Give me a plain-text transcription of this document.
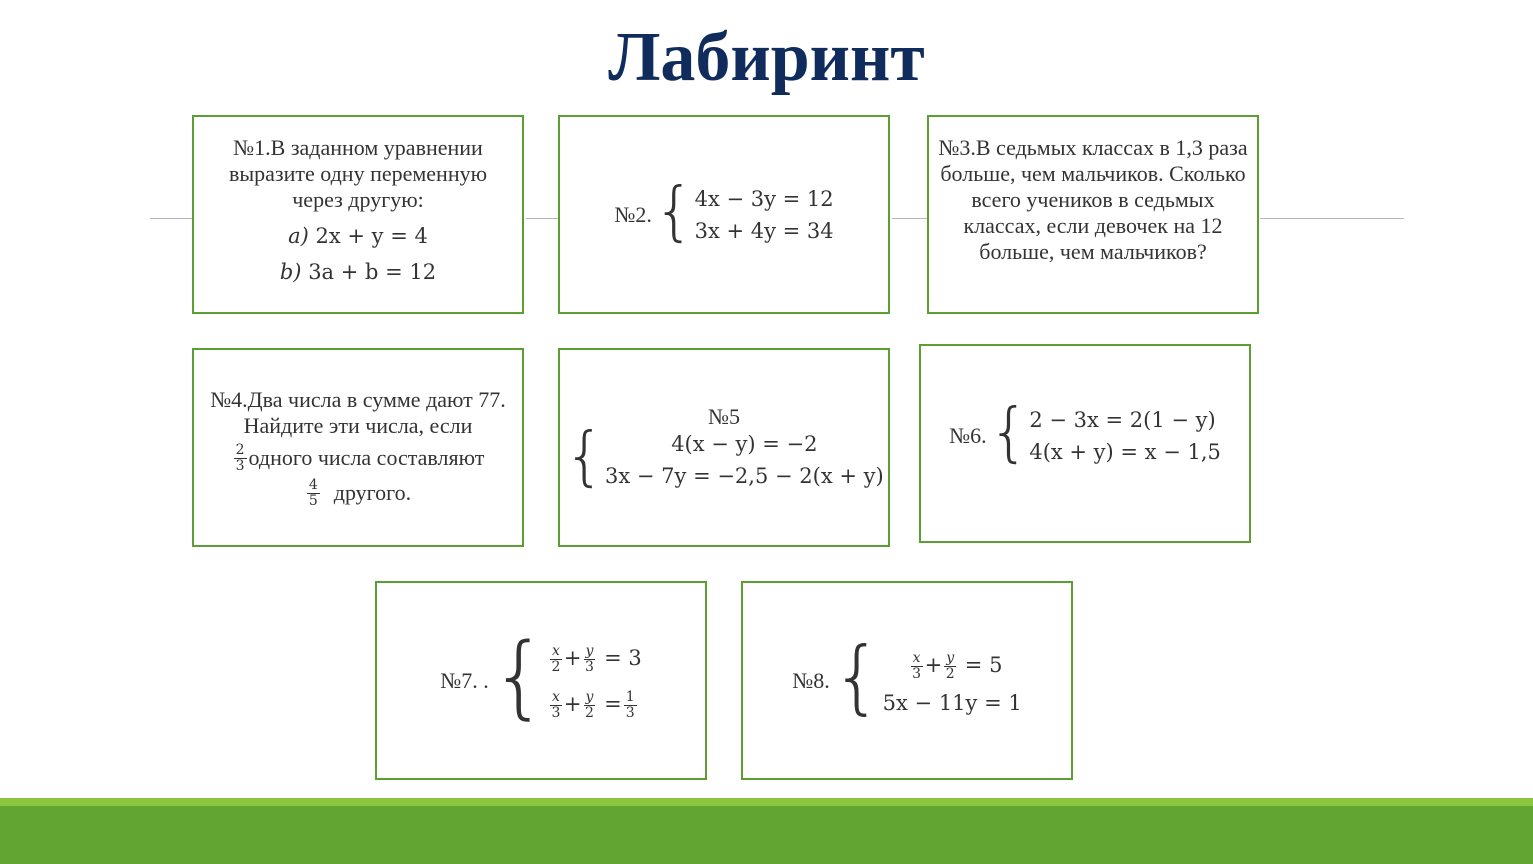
Лабиринт
№1.В заданном уравнении выразите одну переменную через другую:
a) 2x + y = 4
b) 3a + b = 12
№2. { 4x − 3y = 12
3x + 4y = 34
№3.В седьмых классах в 1,3 раза больше, чем мальчиков. Сколько всего учеников в седьмых классах, если девочек на 12 больше, чем мальчиков?
№4.Два числа в сумме дают 77. Найдите эти числа, если
$\frac{2}{3}$ одного числа составляют
$\frac{4}{5}$ другого.
№5
{	4(x − y) = −2
3x − 7y = −2,5 − 2(x + y)
№6. { 2 − 3x = 2(1 − y)
4(x + y) = x − 1,5
№7. . { $\frac{x}{2} + \frac{y}{3} = 3$
$\frac{x}{3} + \frac{y}{2} = \frac{1}{3}$
№8. { $\frac{x}{3} + \frac{y}{2} = 5$
5x − 11y = 1
